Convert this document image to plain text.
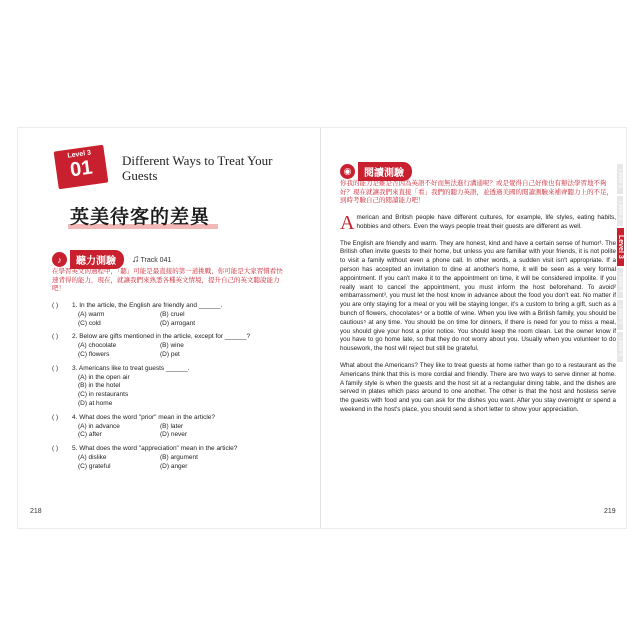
Level 3
01	Different Ways to Treat Your Guests
英美待客的差異
♪	聽力測驗	♫Track 041
在學習英文的過程中，「聽」可能是最直接的第一道挑戰，你可能是大家習慣看快速背得的能力，現在，就讓我們來熟悉各種英文情境，提升自己的英文聽說能力吧！
( )	1. In the article, the English are friendly and ______.
(A) warm	(B) cruel
(C) cold	(D) arrogant
( )	2. Below are gifts mentioned in the article, except for ______?
(A) chocolate	(B) wine
(C) flowers	(D) pet
( )	3. Americans like to treat guests ______.
(A) in the open air
(B) in the hotel
(C) in restaurants
(D) at home
( )	4. What does the word "prior" mean in the article?
(A) in advance	(B) later
(C) after	(D) never
( )	5. What does the word "appreciation" mean in the article?
(A) dislike	(B) argument
(C) grateful	(D) anger
218
◉	閱讀測驗
你我的能力是難是否因為英語不好而無法進行溝通呢？或是覺得自己好像也有辦法學習地不夠好？現在就讓我們來直接「看」我們的聽力英語，並透過美國的閱讀測驗來補齊聽力上的不足，到時考驗自己的閱讀能力吧！

American and British people have different cultures, for example, life styles, eating habits, hobbies and others. Even the ways people treat their guests are different as well.

The English are friendly and warm. They are honest, kind and have a certain sense of humor¹. The British often invite guests to their home, but unless you are familiar with your friends, it is not polite to visit a family without even a phone call. In other words, a sudden visit isn't appropriate. If a person has accepted an invitation to dine at another's home, it will be seen as a very formal appointment. If you can't make it to the appointment on time, it will be considered impolite. If you really want to cancel the appointment, you must inform the host beforehand. To avoid² embarrassment³, you must let the host know in advance about the food you don't eat. No matter if you are only staying for a meal or you will be staying longer, it's a custom to bring a gift, such as a bunch of flowers, chocolates⁴ or a bottle of wine. When you live with a British family, you should be cautious⁵ at any time. You should be on time for dinners, if there is need for you to miss a meal, you should give your host a prior notice. You should keep the room clean. Let the owner know if you have to go home late, so that they do not worry about you. Usually when you volunteer to do housework, the host will reject but still be grateful.

What about the Americans? They like to treat guests at home rather than go to a restaurant as the Americans think that this is more cordial and friendly. There are two ways to serve dinner at home. A family style is when the guests and the host sit at a rectangular dining table, and the dishes are served in plates which pass around to one another. The other is that the host and hostess serve the guests with food and you can ask for the dishes you want. After you stay overnight or spend a weekend in the host's place, you should send a short letter to show your appreciation.

Level 1
Level 2
Level 3
Level 4
Level 5
Level 6
219
